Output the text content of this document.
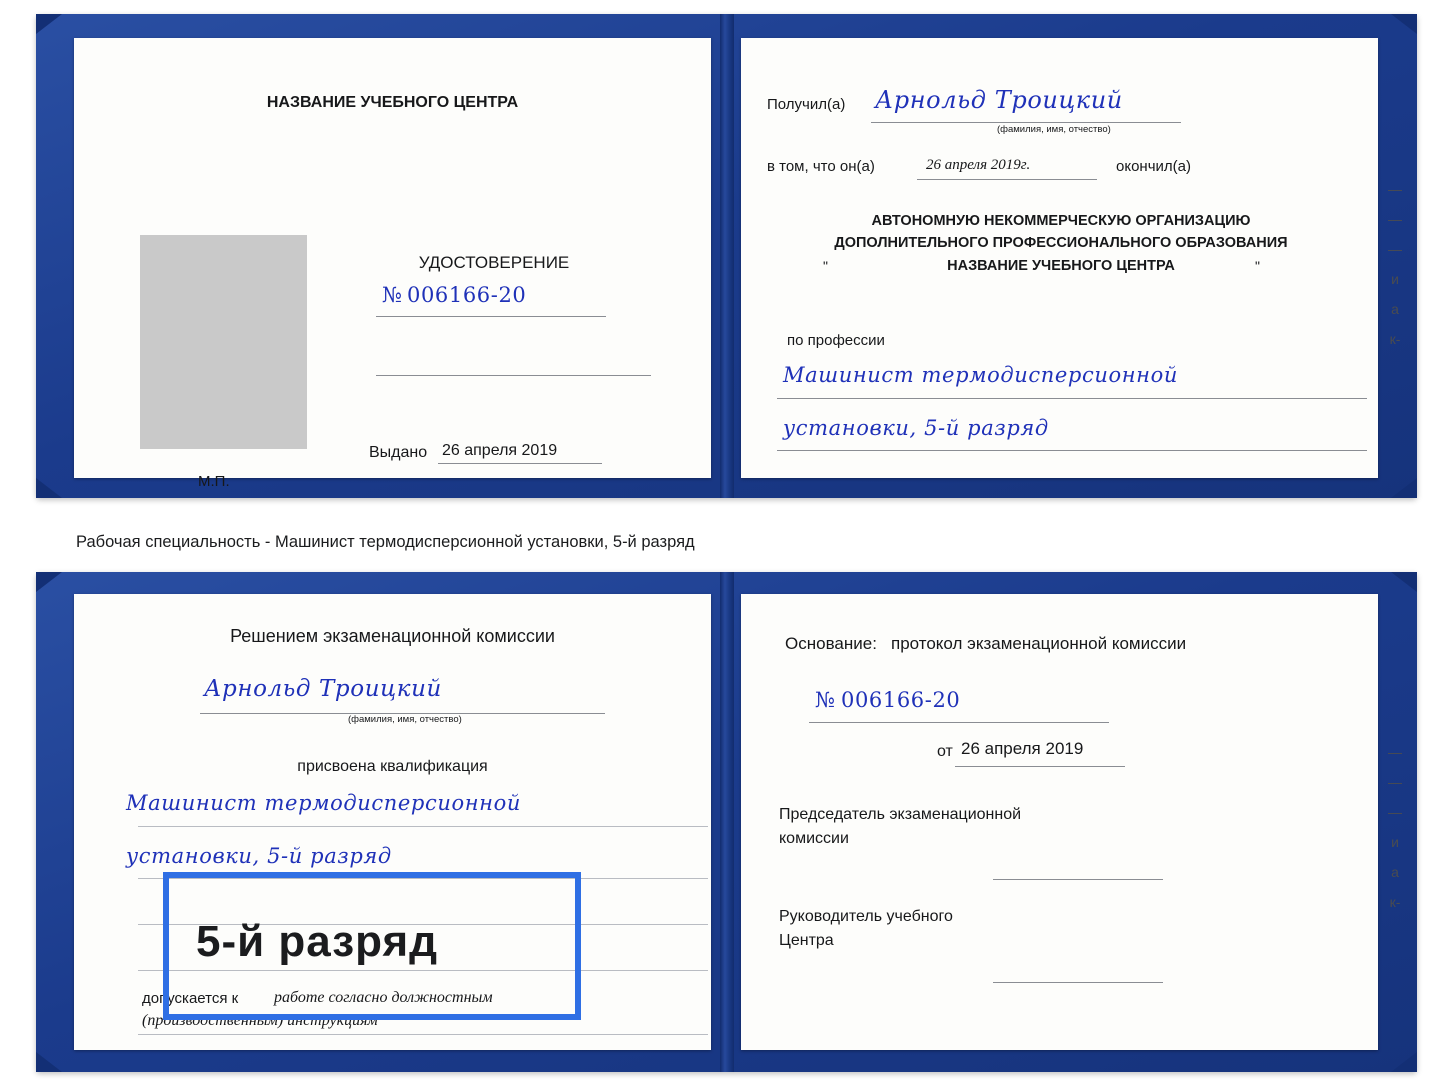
НАЗВАНИЕ УЧЕБНОГО ЦЕНТРА
УДОСТОВЕРЕНИЕ
№ 006166-20
Выдано 26 апреля 2019
М.П.
Получил(а) Арнольд Троицкий
(фамилия, имя, отчество)
в том, что он(а)	26 апреля 2019г.	окончил(а)
АВТОНОМНУЮ НЕКОММЕРЧЕСКУЮ ОРГАНИЗАЦИЮ
ДОПОЛНИТЕЛЬНОГО ПРОФЕССИОНАЛЬНОГО ОБРАЗОВАНИЯ
"	НАЗВАНИЕ УЧЕБНОГО ЦЕНТРА	"
по профессии
Машинист термодисперсионной
установки, 5-й разряд
—
—
—
и
а
к-
Рабочая специальность - Машинист термодисперсионной установки, 5-й разряд
Решением экзаменационной комиссии
Арнольд Троицкий
(фамилия, имя, отчество)
присвоена квалификация
Машинист термодисперсионной
установки, 5-й разряд
допускается к работе согласно должностным
(производственным) инструкциям
Основание: протокол экзаменационной комиссии
№ 006166-20
от 26 апреля 2019
Председатель экзаменационной
комиссии
Руководитель учебного
Центра
—
—
—
и
а
к-
5-й разряд
